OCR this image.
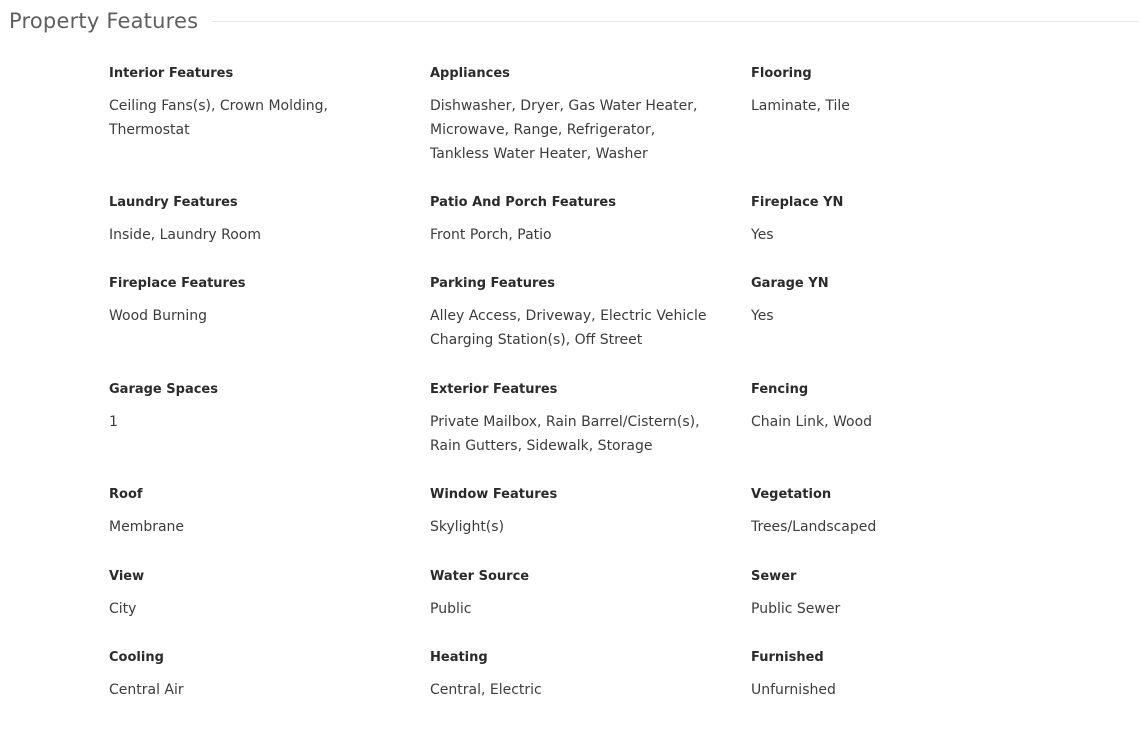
Property Features
Interior Features
Ceiling Fans(s), Crown Molding, Thermostat
Appliances
Dishwasher, Dryer, Gas Water Heater, Microwave, Range, Refrigerator, Tankless Water Heater, Washer
Flooring
Laminate, Tile
Laundry Features
Inside, Laundry Room
Patio And Porch Features
Front Porch, Patio
Fireplace YN
Yes
Fireplace Features
Wood Burning
Parking Features
Alley Access, Driveway, Electric Vehicle Charging Station(s), Off Street
Garage YN
Yes
Garage Spaces
1
Exterior Features
Private Mailbox, Rain Barrel/Cistern(s), Rain Gutters, Sidewalk, Storage
Fencing
Chain Link, Wood
Roof
Membrane
Window Features
Skylight(s)
Vegetation
Trees/Landscaped
View
City
Water Source
Public
Sewer
Public Sewer
Cooling
Central Air
Heating
Central, Electric
Furnished
Unfurnished
